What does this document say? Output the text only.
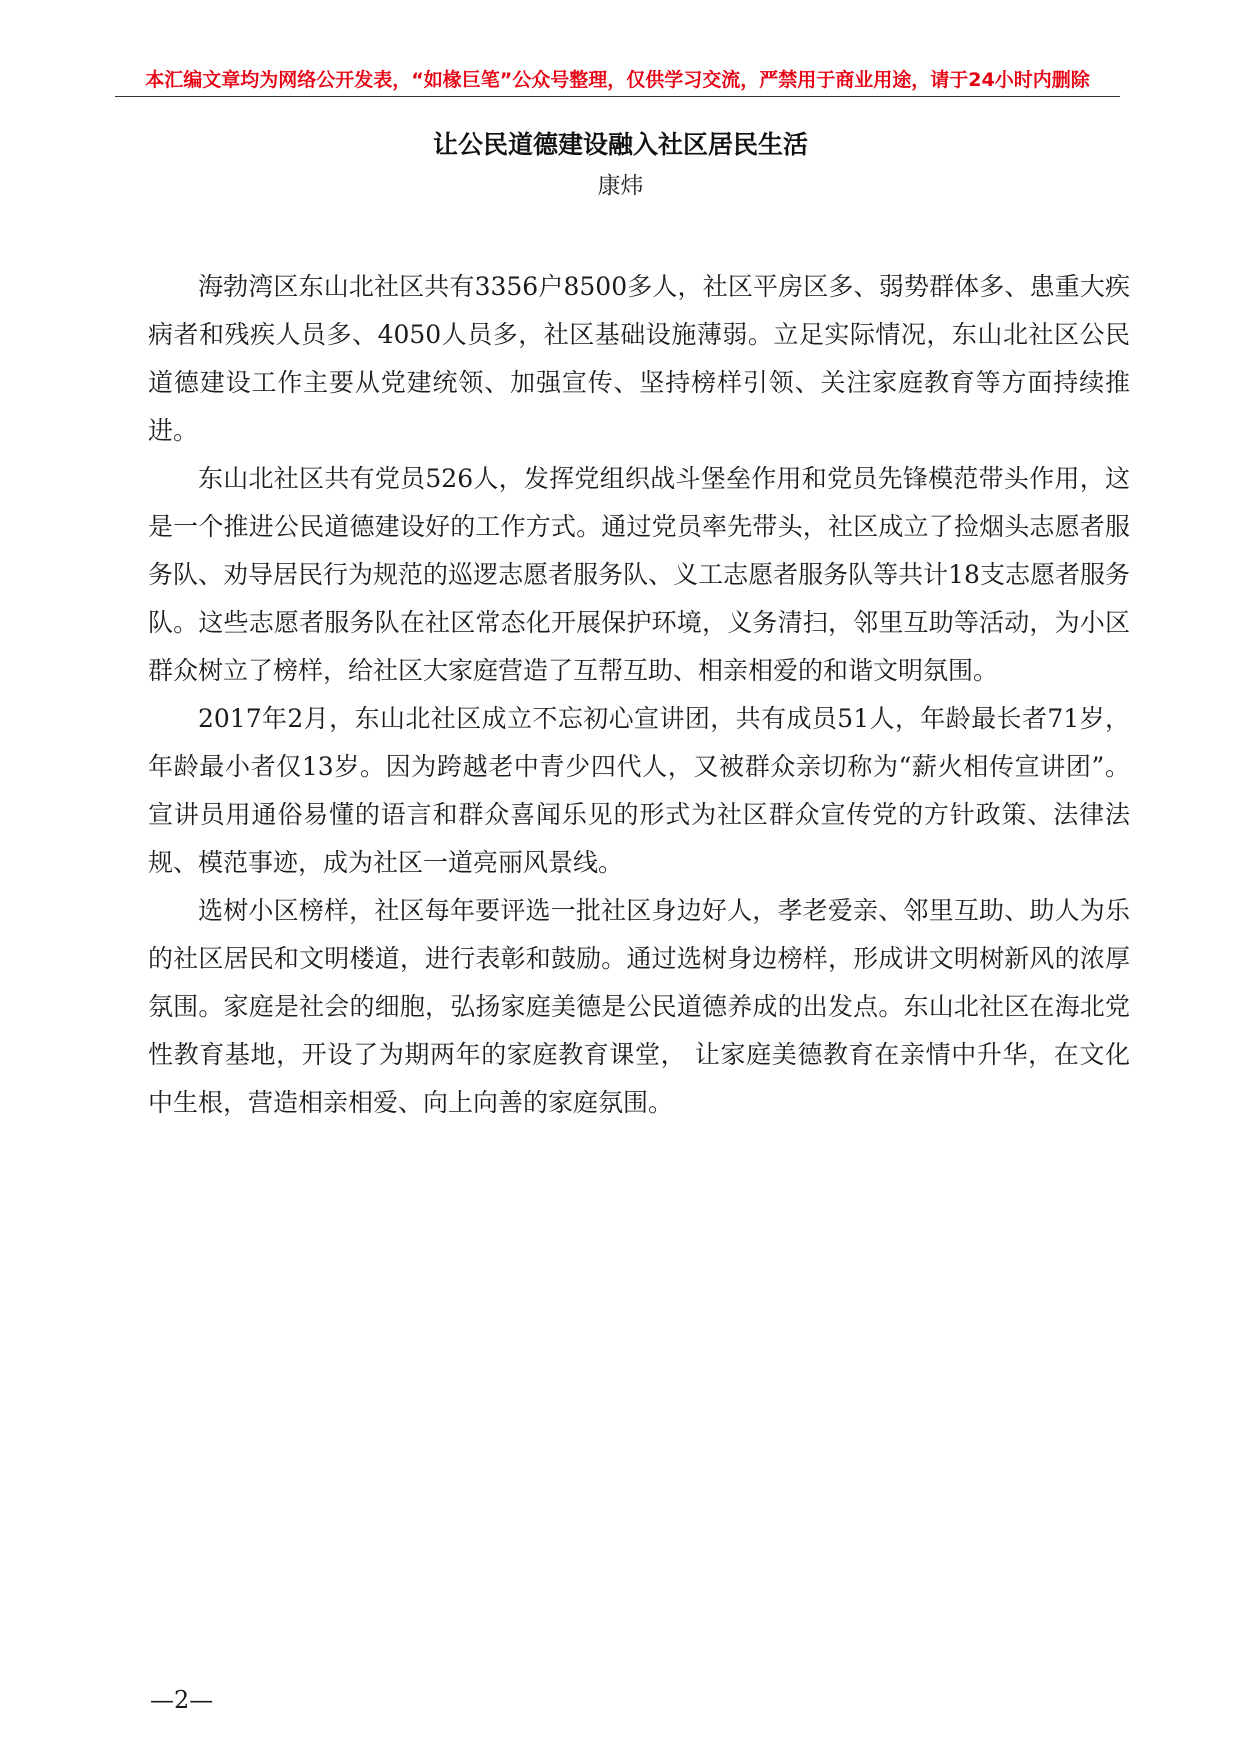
本汇编文章均为网络公开发表，“如椽巨笔”公众号整理，仅供学习交流，严禁用于商业用途，请于24小时内删除
让公民道德建设融入社区居民生活
康炜

海勃湾区东山北社区共有3356户8500多人，社区平房区多、弱势群体多、患重大疾病者和残疾人员多、4050人员多，社区基础设施薄弱。立足实际情况，东山北社区公民道德建设工作主要从党建统领、加强宣传、坚持榜样引领、关注家庭教育等方面持续推进。

东山北社区共有党员526人，发挥党组织战斗堡垒作用和党员先锋模范带头作用，这是一个推进公民道德建设好的工作方式。通过党员率先带头，社区成立了捡烟头志愿者服务队、劝导居民行为规范的巡逻志愿者服务队、义工志愿者服务队等共计18支志愿者服务队。这些志愿者服务队在社区常态化开展保护环境，义务清扫，邻里互助等活动，为小区群众树立了榜样，给社区大家庭营造了互帮互助、相亲相爱的和谐文明氛围。

2017年2月，东山北社区成立不忘初心宣讲团，共有成员51人，年龄最长者71岁，年龄最小者仅13岁。因为跨越老中青少四代人，又被群众亲切称为“薪火相传宣讲团”。宣讲员用通俗易懂的语言和群众喜闻乐见的形式为社区群众宣传党的方针政策、法律法规、模范事迹，成为社区一道亮丽风景线。

选树小区榜样，社区每年要评选一批社区身边好人，孝老爱亲、邻里互助、助人为乐的社区居民和文明楼道，进行表彰和鼓励。通过选树身边榜样，形成讲文明树新风的浓厚氛围。家庭是社会的细胞，弘扬家庭美德是公民道德养成的出发点。东山北社区在海北党性教育基地，开设了为期两年的家庭教育课堂， 让家庭美德教育在亲情中升华，在文化中生根，营造相亲相爱、向上向善的家庭氛围。

—2—
